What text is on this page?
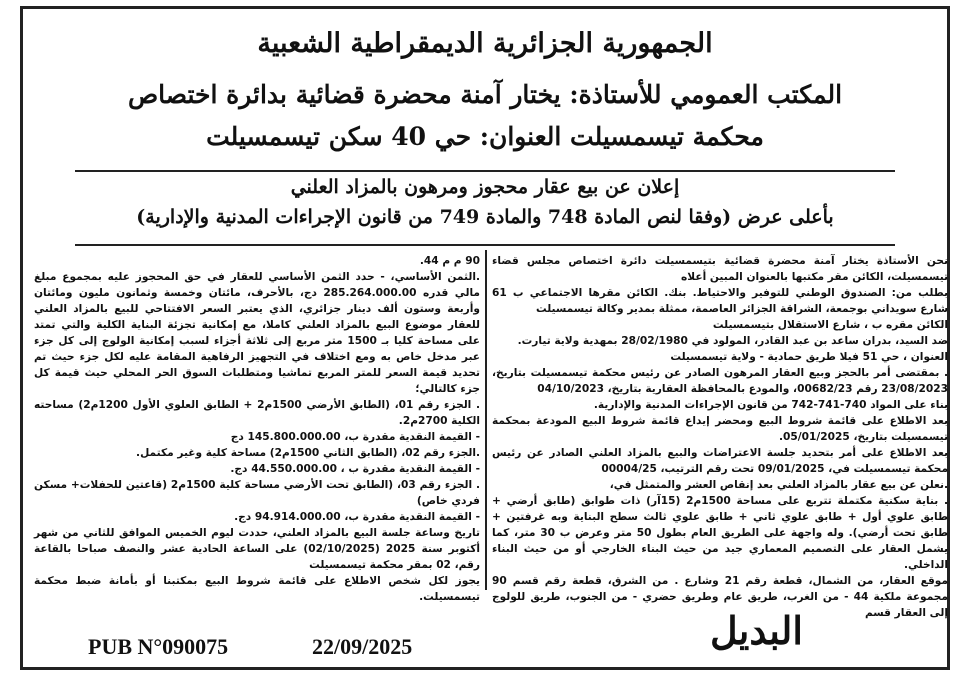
الجمهورية الجزائرية الديمقراطية الشعبية
المكتب العمومي للأستاذة: يختار آمنة محضرة قضائية بدائرة اختصاص
محكمة تيسمسيلت العنوان: حي 40 سكن تيسمسيلت
إعلان عن بيع عقار محجوز ومرهون بالمزاد العلني
بأعلى عرض (وفقا لنص المادة 748 والمادة 749 من قانون الإجراءات المدنية والإدارية)

نحن الأستاذة يختار آمنة محضرة قضائية بتيسمسيلت دائرة اختصاص مجلس قضاء تيسمسيلت، الكائن مقر مكتبها بالعنوان المبين أعلاه

بطلب من: الصندوق الوطني للتوفير والاحتياط. بنك. الكائن مقرها الاجتماعي ب 61 شارع سويداني بوجمعة، الشراقة الجزائر العاصمة، ممثلة بمدير وكالة تيسمسيلت

الكائن مقره ب ، شارع الاستقلال بتيسمسيلت

ضد السيد، بدران ساعد بن عبد القادر، المولود في 28/02/1980 بمهدية ولاية تيارت.

العنوان ، حي 51 فيلا طريق حمادية - ولاية تيسمسيلت

. بمقتضى أمر بالحجز وبيع العقار المرهون الصادر عن رئيس محكمة تيسمسيلت بتاريخ، 23/08/2023 رقم 00682/23، والمودع بالمحافظة العقارية بتاريخ، 04/10/2023

بناء على المواد 740-741-742 من قانون الإجراءات المدنية والإدارية.

بعد الاطلاع على قائمة شروط البيع ومحضر إيداع قائمة شروط البيع المودعة بمحكمة تيسمسيلت بتاريخ، 05/01/2025.

بعد الاطلاع على أمر بتحديد جلسة الاعتراضات والبيع بالمزاد العلني الصادر عن رئيس محكمة تيسمسيلت في، 09/01/2025 تحت رقم الترتيب، 00004/25

.نعلن عن بيع عقار بالمزاد العلني بعد إنقاص العشر والمتمثل في،

. بناية سكنية مكتملة تتربع على مساحة 1500م2 (15آر) ذات طوابق (طابق أرضي + طابق علوي أول + طابق علوي ثاني + طابق علوي ثالث سطح البناية وبه غرفتين + طابق تحت أرضي). وله واجهة على الطريق العام بطول 50 متر وعرض ب 30 متر، كما يشمل العقار على التصميم المعماري جيد من حيث البناء الخارجي أو من حيث البناء الداخلي.

موقع العقار، من الشمال، قطعة رقم 21 وشارع . من الشرق، قطعة رقم قسم 90 مجموعة ملكية 44 - من الغرب، طريق عام وطريق حضري - من الجنوب، طريق للولوج إلى العقار قسم

90 م م 44.

.الثمن الأساسي، - حدد الثمن الأساسي للعقار في حق المحجوز عليه بمجموع مبلغ مالي قدره 285.264.000.00 دج، بالأحرف، مائتان وخمسة وثمانون مليون ومائتان وأربعة وستون ألف دينار جزائري، الذي يعتبر السعر الافتتاحي للبيع بالمزاد العلني للعقار موضوع البيع بالمزاد العلني كاملا، مع إمكانية تجزئة البناية الكلية والتي تمتد على مساحة كليا بـ 1500 متر مربع إلى ثلاثة أجزاء لسبب إمكانية الولوج إلى كل جزء عبر مدخل خاص به ومع اختلاف في التجهيز الرفاهية المقامة عليه لكل جزء حيث تم تحديد قيمة السعر للمتر المربع تماشيا ومتطلبات السوق الحر المحلي حيث قيمة كل جزء كالتالي؛

. الجزء رقم 01، (الطابق الأرضي 1500م2 + الطابق العلوي الأول 1200م2) مساحته الكلية 2700م2.

- القيمة النقدية مقدرة ب، 145.800.000.00 دج

.الجزء رقم 02، (الطابق الثاني 1500م2) مساحة كلية وغير مكتمل.

- القيمة النقدية مقدرة ب ، 44.550.000.00 دج.

. الجزء رقم 03، (الطابق تحت الأرضي مساحة كلية 1500م2 (قاعتين للحفلات+ مسكن فردي خاص)

- القيمة النقدية مقدرة ب، 94.914.000.00 دج.

تاريخ وساعة جلسة البيع بالمزاد العلني، حددت ليوم الخميس الموافق للثاني من شهر أكتوبر سنة 2025 (02/10/2025) على الساعة الحادية عشر والنصف صباحا بالقاعة رقم، 02 بمقر محكمة تيسمسيلت

يجوز لكل شخص الاطلاع على قائمة شروط البيع بمكتبنا أو بأمانة ضبط محكمة تيسمسيلت.

البديل
22/09/2025
PUB N°090075
